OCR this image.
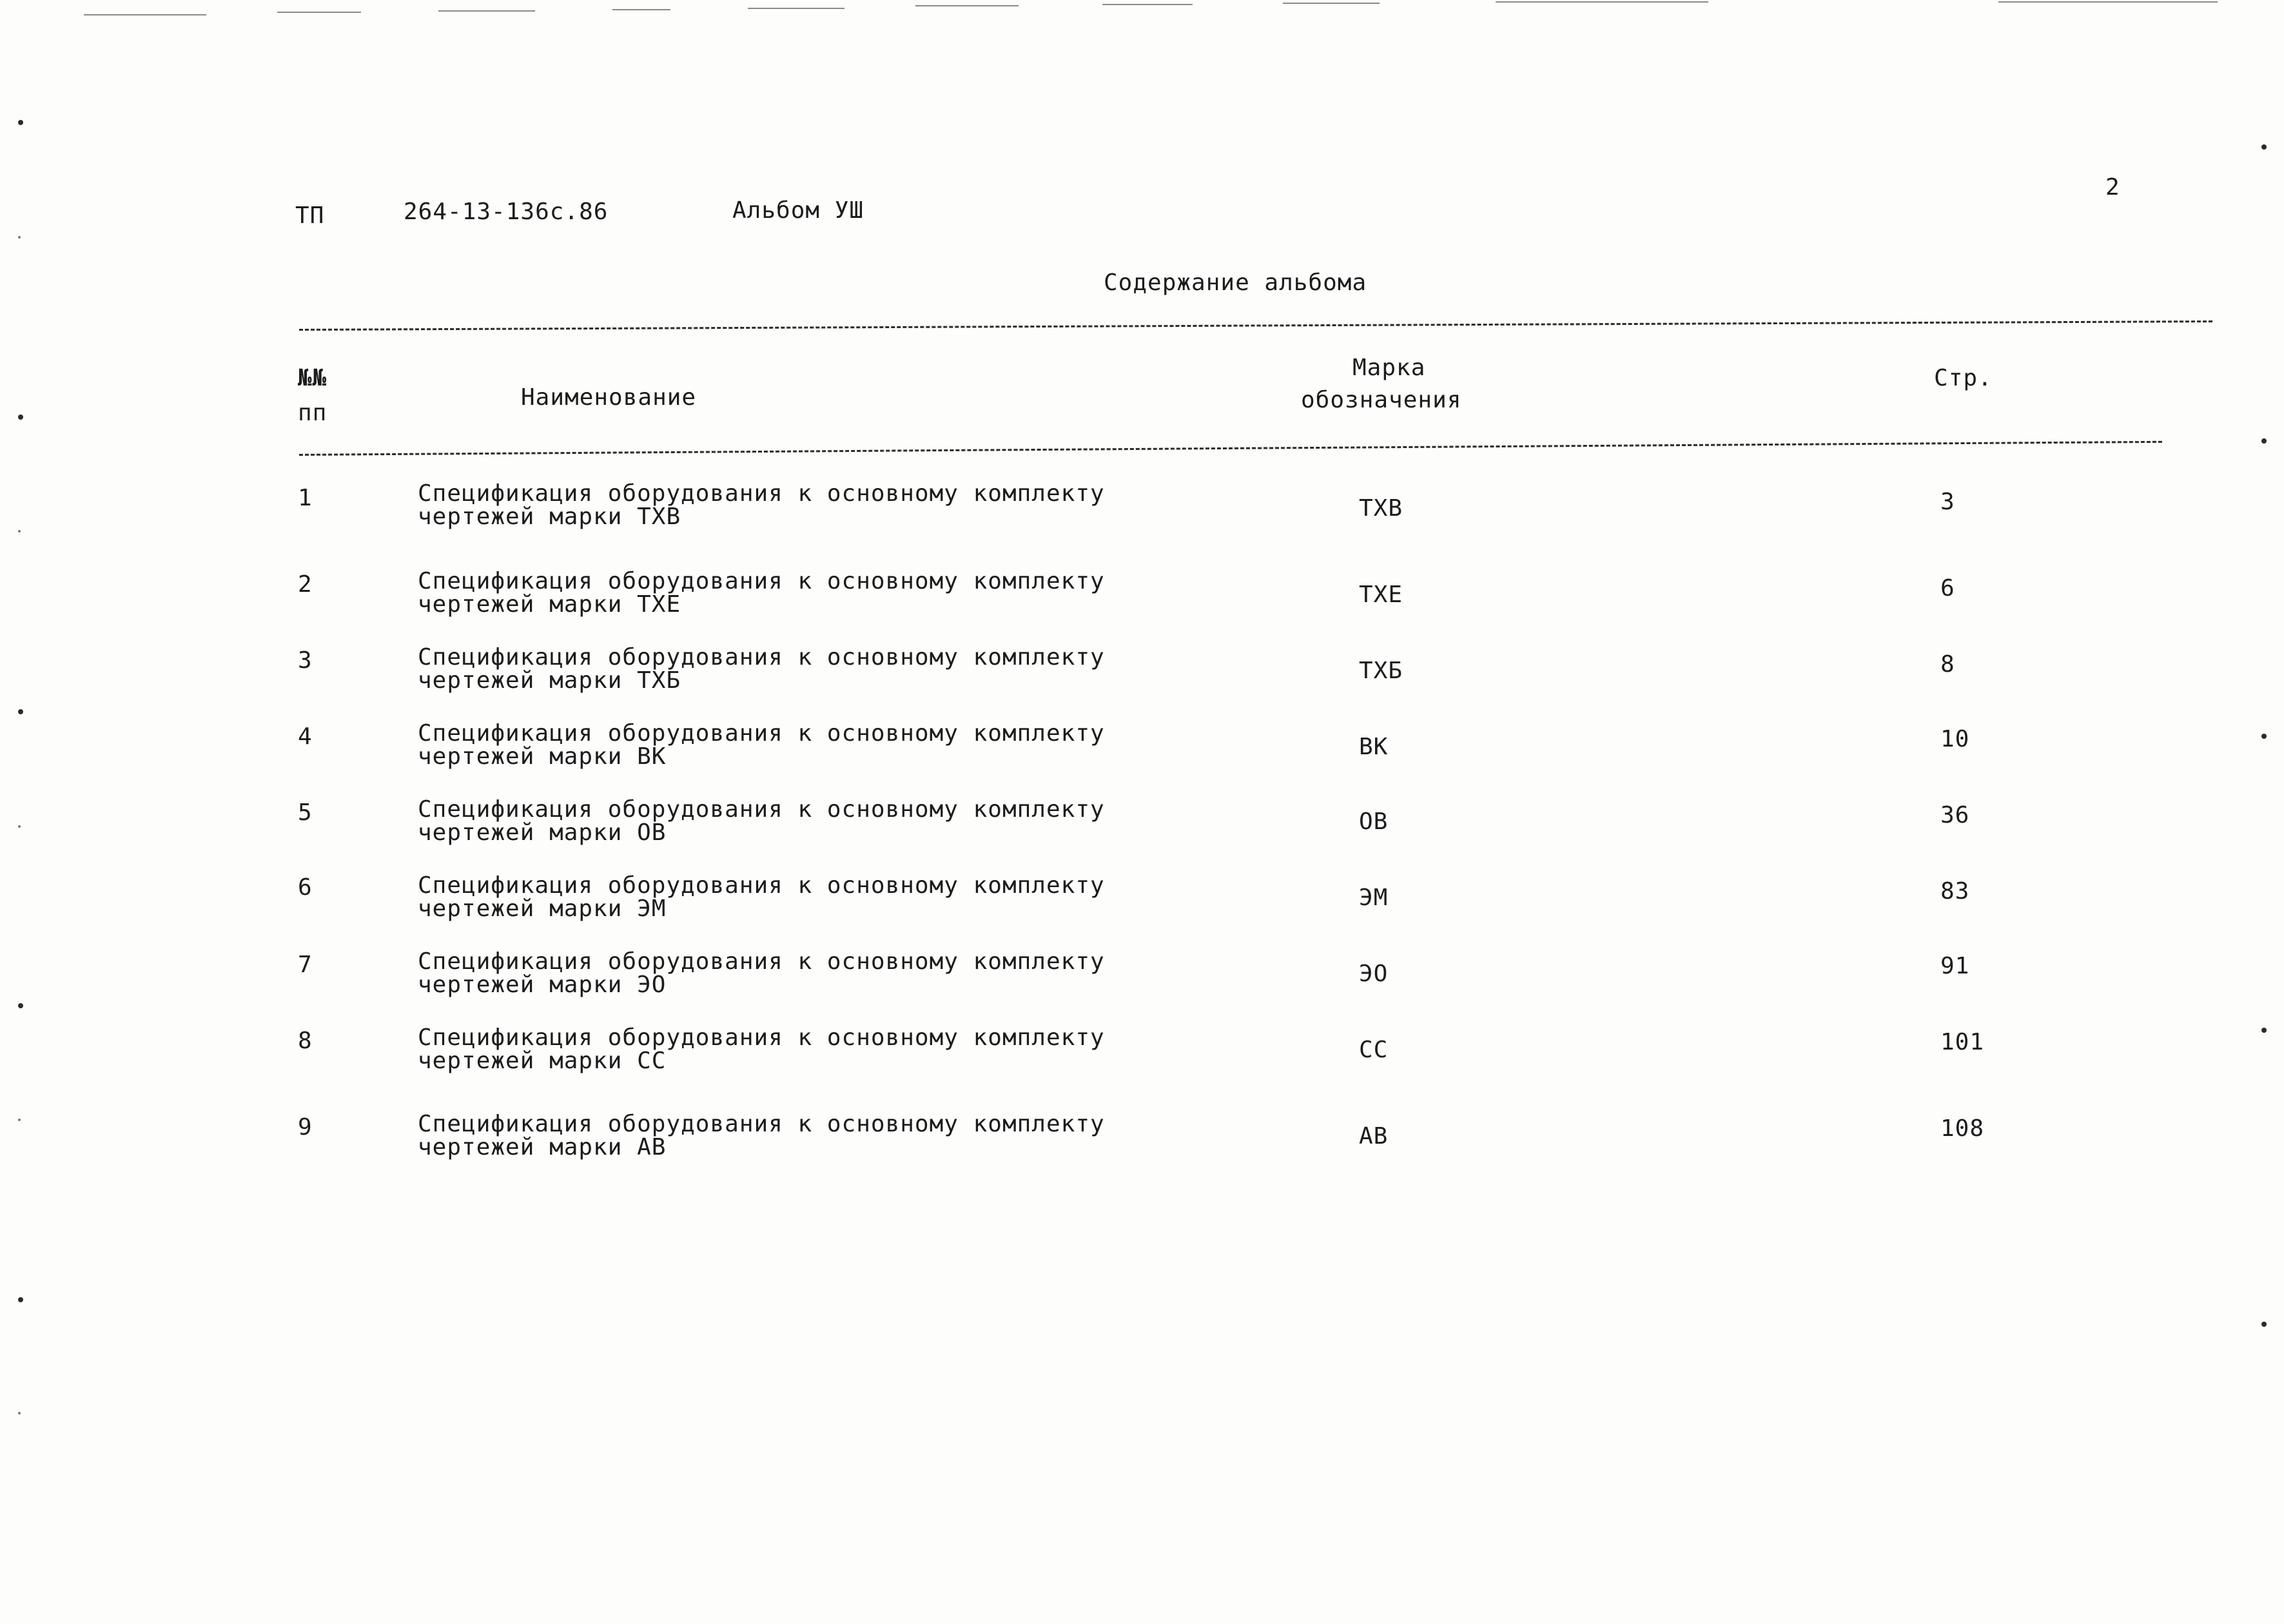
ТП	264-13-136с.86	Альбом УШ
2
Содержание альбома
№№
пп
Наименование
Марка
обозначения
Стр.
1	Спецификация оборудования к основному комплекту
чертежей марки ТХВ	ТХВ	3
2	Спецификация оборудования к основному комплекту
чертежей марки ТХЕ	ТХЕ	6
3	Спецификация оборудования к основному комплекту
чертежей марки ТХБ	ТХБ	8
4	Спецификация оборудования к основному комплекту
чертежей марки ВК	ВК	10
5	Спецификация оборудования к основному комплекту
чертежей марки ОВ	ОВ	36
6	Спецификация оборудования к основному комплекту
чертежей марки ЭМ	ЭМ	83
7	Спецификация оборудования к основному комплекту
чертежей марки ЭО	ЭО	91
8	Спецификация оборудования к основному комплекту
чертежей марки СС	СС	101
9	Спецификация оборудования к основному комплекту
чертежей марки АВ	АВ	108
